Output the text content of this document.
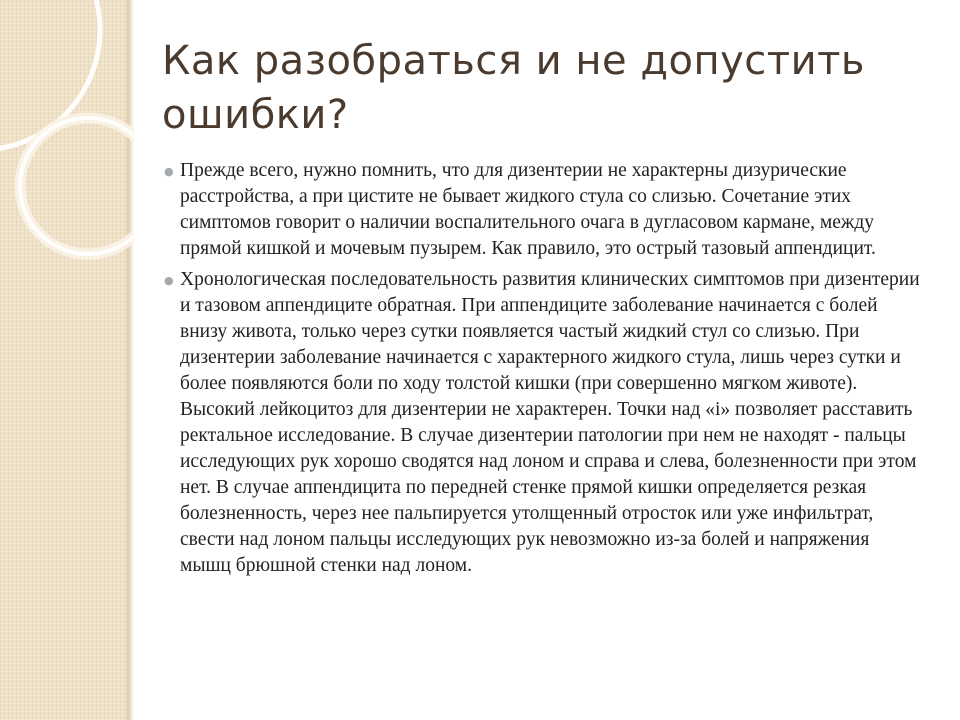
Как разобраться и не допустить ошибки?
● Прежде всего, нужно помнить, что для дизентерии не характерны дизурические расстройства, а при цистите не бывает жидкого стула со слизью. Сочетание этих симптомов говорит о наличии воспалительного очага в дугласовом кармане, между прямой кишкой и мочевым пузырем. Как правило, это острый тазовый аппендицит.
● Хронологическая последовательность развития клинических симптомов при дизентерии и тазовом аппендиците обратная. При аппендиците заболевание начинается с болей внизу живота, только через сутки появляется частый жидкий стул со слизью. При дизентерии заболевание начинается с характерного жидкого стула, лишь через сутки и более появляются боли по ходу толстой кишки (при совершенно мягком животе). Высокий лейкоцитоз для дизентерии не характерен. Точки над «i» позволяет расставить ректальное исследование. В случае дизентерии патологии при нем не находят - пальцы исследующих рук хорошо сводятся над лоном и справа и слева, болезненности при этом нет. В случае аппендицита по передней стенке прямой кишки определяется резкая болезненность, через нее пальпируется утолщенный отросток или уже инфильтрат, свести над лоном пальцы исследующих рук невозможно из-за болей и напряжения мышц брюшной стенки над лоном.
